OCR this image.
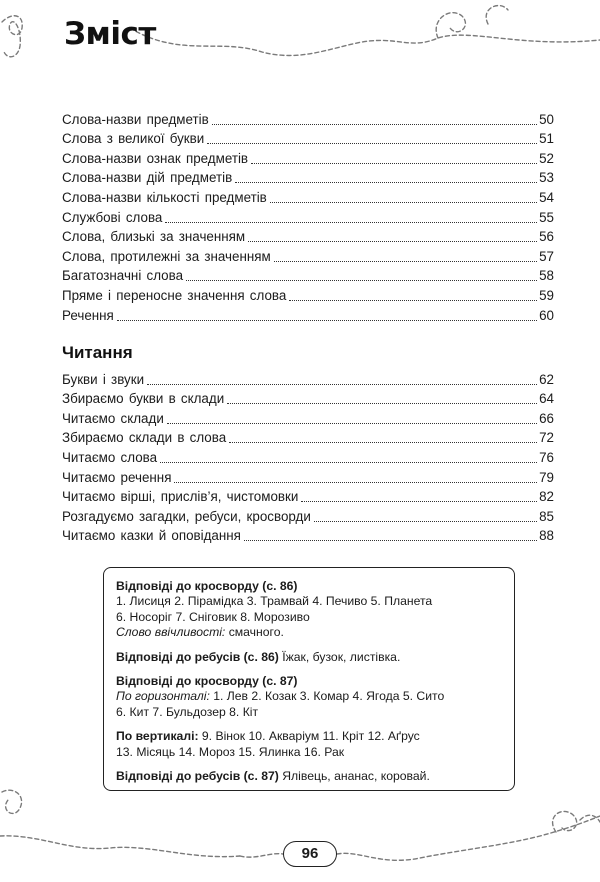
Зміст
Слова-назви предметів	50
Слова з великої букви	51
Слова-назви ознак предметів	52
Слова-назви дій предметів	53
Слова-назви кількості предметів	54
Службові слова	55
Слова, близькі за значенням	56
Слова, протилежні за значенням	57
Багатозначні слова	58
Пряме і переносне значення слова	59
Речення	60
Читання
Букви і звуки	62
Збираємо букви в склади	64
Читаємо склади	66
Збираємо склади в слова	72
Читаємо слова	76
Читаємо речення	79
Читаємо вірші, прислів’я, чистомовки	82
Розгадуємо загадки, ребуси, кросворди	85
Читаємо казки й оповідання	88
Відповіді до кросворду (с. 86)
1. Лисиця 2. Пірамідка 3. Трамвай 4. Печиво 5. Планета
6. Носоріг 7. Сніговик 8. Морозиво
Слово ввічливості: смачного.
Відповіді до ребусів (с. 86) Їжак, бузок, листівка.
Відповіді до кросворду (с. 87)
По горизонталі: 1. Лев 2. Козак 3. Комар 4. Ягода 5. Сито
6. Кит 7. Бульдозер 8. Кіт
По вертикалі: 9. Вінок 10. Акваріум 11. Кріт 12. Аґрус
13. Місяць 14. Мороз 15. Ялинка 16. Рак
Відповіді до ребусів (с. 87) Ялівець, ананас, коровай.
96
